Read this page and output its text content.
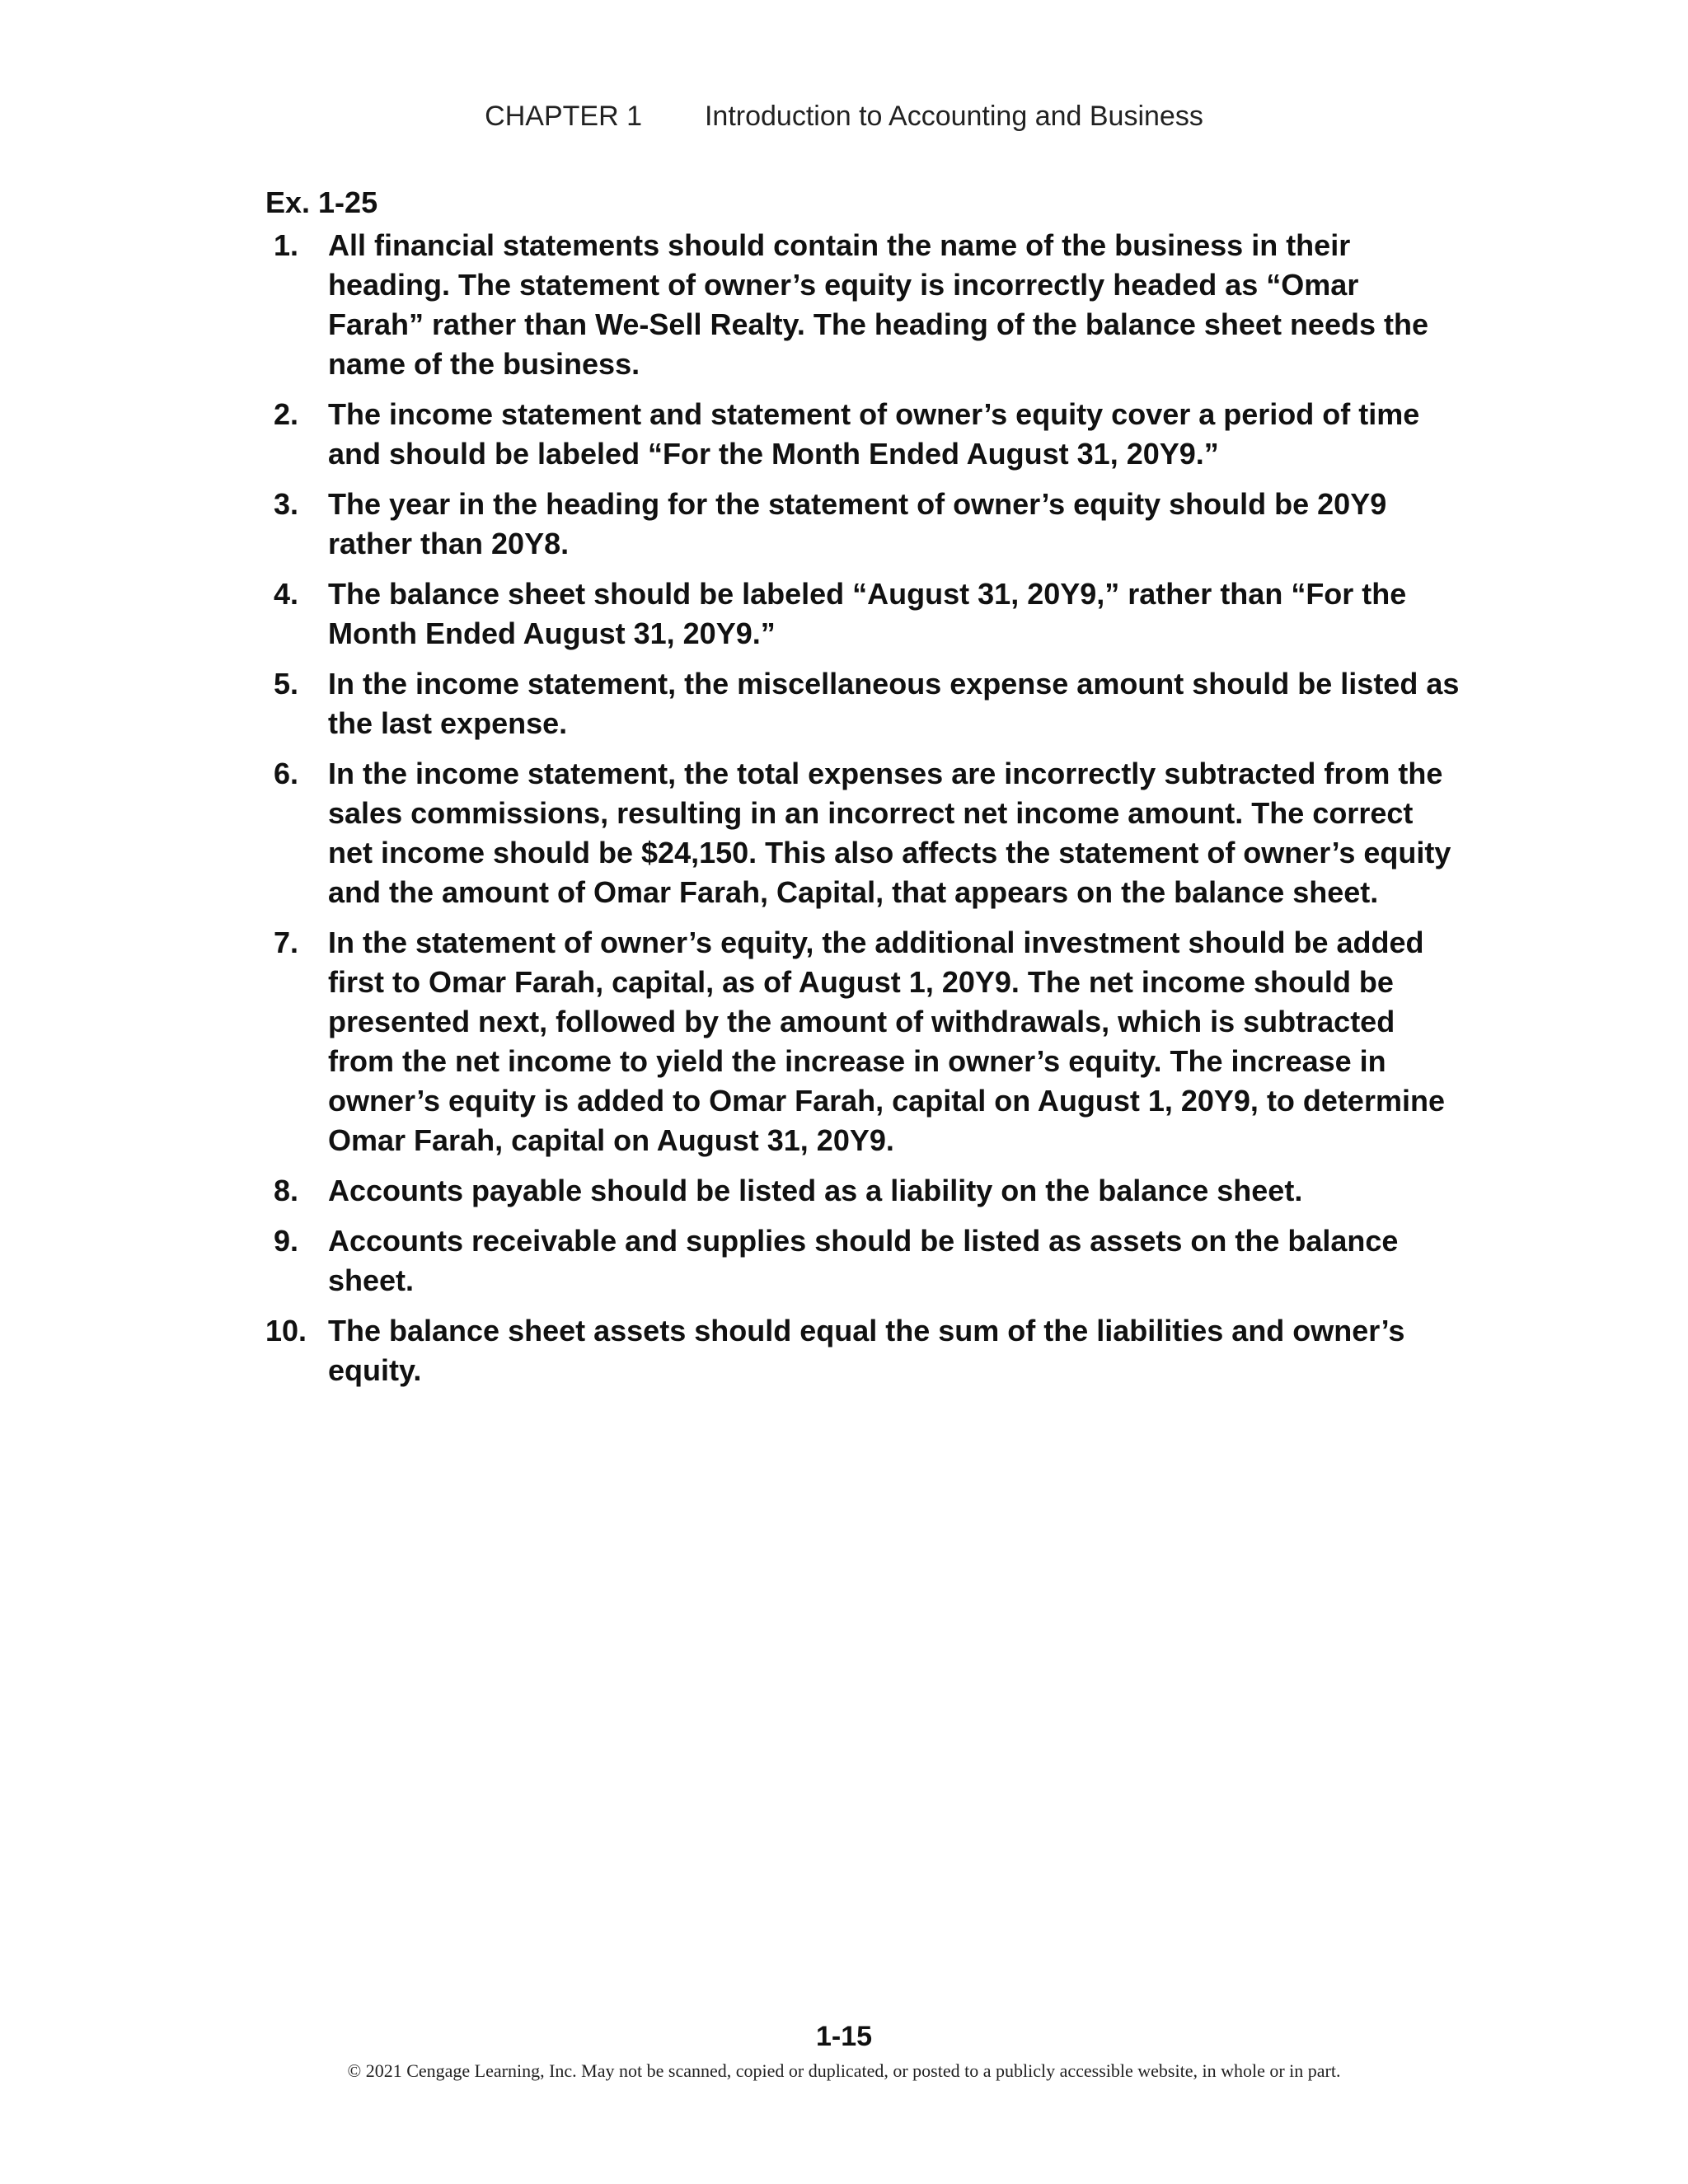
CHAPTER 1 Introduction to Accounting and Business
Ex. 1-25
1. All financial statements should contain the name of the business in their heading. The statement of owner’s equity is incorrectly headed as “Omar Farah” rather than We-Sell Realty. The heading of the balance sheet needs the name of the business.
2. The income statement and statement of owner’s equity cover a period of time and should be labeled “For the Month Ended August 31, 20Y9.”
3. The year in the heading for the statement of owner’s equity should be 20Y9 rather than 20Y8.
4. The balance sheet should be labeled “August 31, 20Y9,” rather than “For the Month Ended August 31, 20Y9.”
5. In the income statement, the miscellaneous expense amount should be listed as the last expense.
6. In the income statement, the total expenses are incorrectly subtracted from the sales commissions, resulting in an incorrect net income amount. The correct net income should be $24,150. This also affects the statement of owner’s equity and the amount of Omar Farah, Capital, that appears on the balance sheet.
7. In the statement of owner’s equity, the additional investment should be added first to Omar Farah, capital, as of August 1, 20Y9. The net income should be presented next, followed by the amount of withdrawals, which is subtracted from the net income to yield the increase in owner’s equity. The increase in owner’s equity is added to Omar Farah, capital on August 1, 20Y9, to determine Omar Farah, capital on August 31, 20Y9.
8. Accounts payable should be listed as a liability on the balance sheet.
9. Accounts receivable and supplies should be listed as assets on the balance sheet.
10. The balance sheet assets should equal the sum of the liabilities and owner’s equity.
1-15
© 2021 Cengage Learning, Inc. May not be scanned, copied or duplicated, or posted to a publicly accessible website, in whole or in part.
